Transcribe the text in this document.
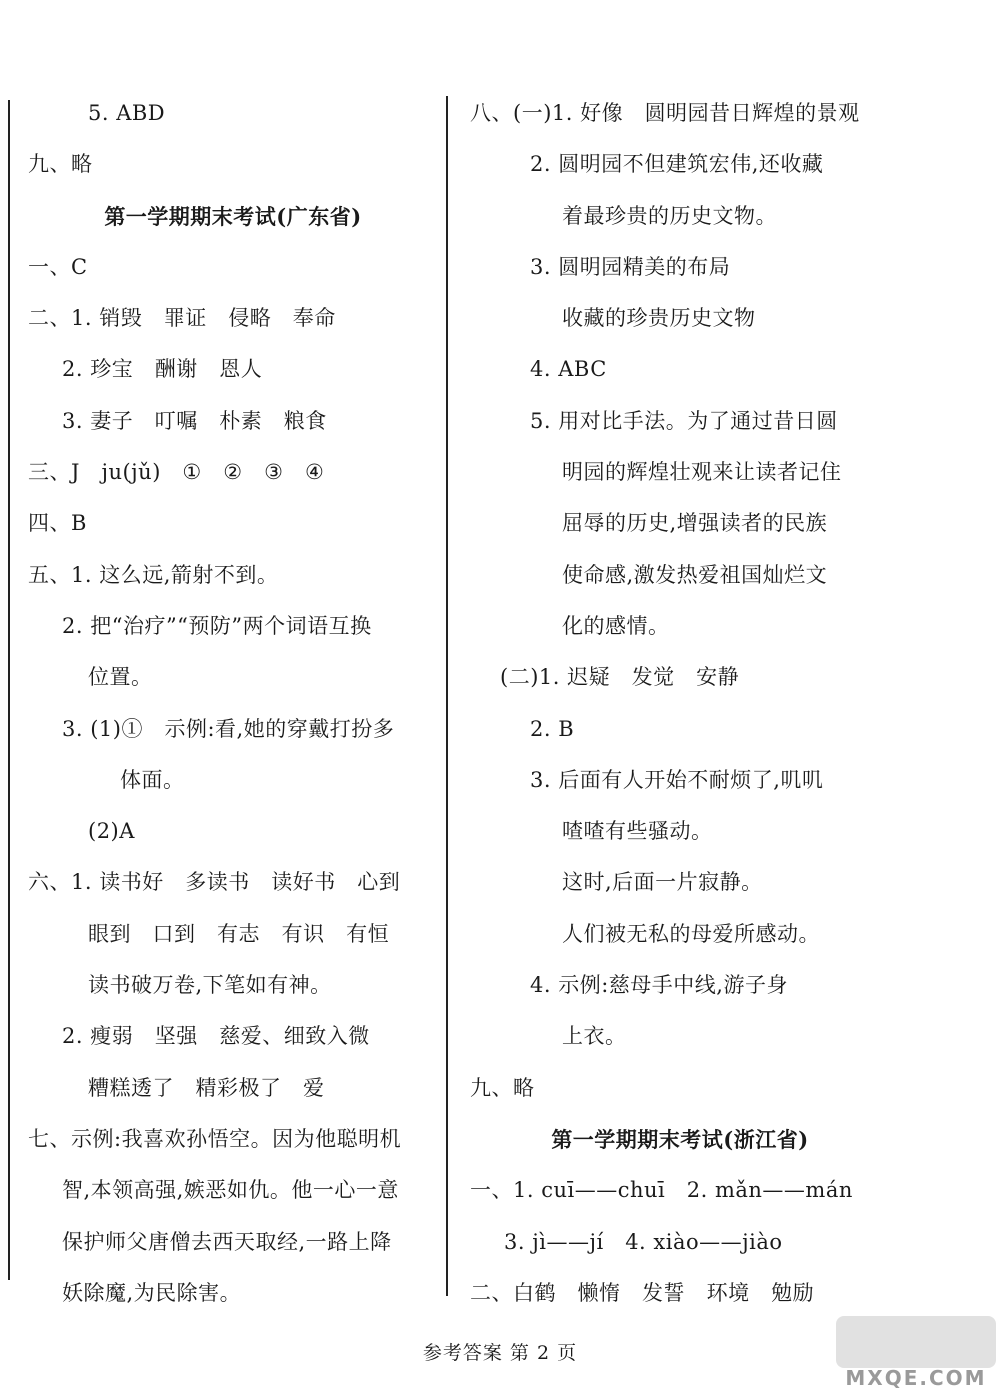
5. ABD
九、略
第一学期期末考试(广东省)
一、C
二、1. 销毁   罪证   侵略   奉命
2. 珍宝   酬谢   恩人
3. 妻子   叮嘱   朴素   粮食
三、J   ju(jǔ)   ①   ②   ③   ④
四、B
五、1. 这么远,箭射不到。
2. 把“治疗”“预防”两个词语互换
位置。
3. (1)①   示例:看,她的穿戴打扮多
体面。
(2)A
六、1. 读书好   多读书   读好书   心到
眼到   口到   有志   有识   有恒
读书破万卷,下笔如有神。
2. 瘦弱   坚强   慈爱、细致入微
糟糕透了   精彩极了   爱
七、示例:我喜欢孙悟空。因为他聪明机
智,本领高强,嫉恶如仇。他一心一意
保护师父唐僧去西天取经,一路上降
妖除魔,为民除害。
八、(一)1. 好像   圆明园昔日辉煌的景观
2. 圆明园不但建筑宏伟,还收藏
着最珍贵的历史文物。
3. 圆明园精美的布局
收藏的珍贵历史文物
4. ABC
5. 用对比手法。为了通过昔日圆
明园的辉煌壮观来让读者记住
屈辱的历史,增强读者的民族
使命感,激发热爱祖国灿烂文
化的感情。
(二)1. 迟疑   发觉   安静
2. B
3. 后面有人开始不耐烦了,叽叽
喳喳有些骚动。
这时,后面一片寂静。
人们被无私的母爱所感动。
4. 示例:慈母手中线,游子身
上衣。
九、略
第一学期期末考试(浙江省)
一、1. cuī——chuī   2. mǎn——mán
3. jì——jí   4. xiào——jiào
二、白鹤   懒惰   发誓   环境   勉励
参考答案 第 2 页
MXQE.COM
